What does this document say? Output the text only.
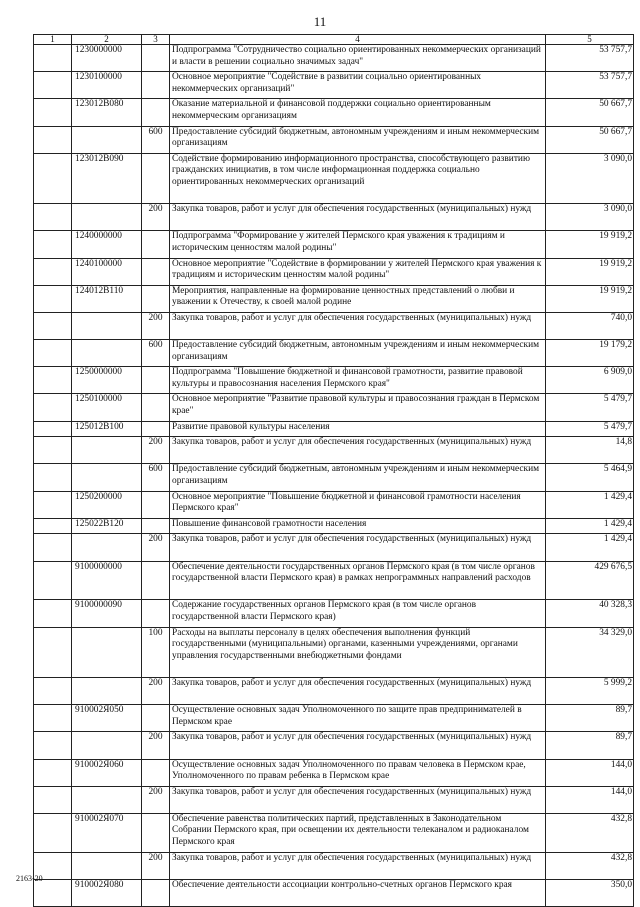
11
1	2	3	4	5
	1230000000		Подпрограмма "Сотрудничество социально ориентированных некоммерческих организаций и власти в решении социально значимых задач"	53 757,7
	1230100000		Основное мероприятие "Содействие в развитии социально ориентированных некоммерческих организаций"	53 757,7
	123012В080		Оказание материальной и финансовой поддержки социально ориентированным некоммерческим организациям	50 667,7
		600	Предоставление субсидий бюджетным, автономным учреждениям и иным некоммерческим организациям	50 667,7
	123012В090		Содействие формированию информационного пространства, способствующего развитию гражданских инициатив, в том числе информационная поддержка социально ориентированных некоммерческих организаций	3 090,0
		200	Закупка товаров, работ и услуг для обеспечения государственных (муниципальных) нужд	3 090,0
	1240000000		Подпрограмма "Формирование у жителей Пермского края уважения к традициям и историческим ценностям малой родины"	19 919,2
	1240100000		Основное мероприятие "Содействие в формировании у жителей Пермского края уважения к традициям и историческим ценностям малой родины"	19 919,2
	124012В110		Мероприятия, направленные на формирование ценностных представлений о любви и уважении к Отечеству, к своей малой родине	19 919,2
		200	Закупка товаров, работ и услуг для обеспечения государственных (муниципальных) нужд	740,0
		600	Предоставление субсидий бюджетным, автономным учреждениям и иным некоммерческим организациям	19 179,2
	1250000000		Подпрограмма "Повышение бюджетной и финансовой грамотности, развитие правовой культуры и правосознания населения Пермского края"	6 909,0
	1250100000		Основное мероприятие "Развитие правовой культуры и правосознания граждан в Пермском крае"	5 479,7
	125012В100		Развитие правовой культуры населения	5 479,7
		200	Закупка товаров, работ и услуг для обеспечения государственных (муниципальных) нужд	14,8
		600	Предоставление субсидий бюджетным, автономным учреждениям и иным некоммерческим организациям	5 464,9
	1250200000		Основное мероприятие "Повышение бюджетной и финансовой грамотности населения Пермского края"	1 429,4
	125022В120		Повышение финансовой грамотности населения	1 429,4
		200	Закупка товаров, работ и услуг для обеспечения государственных (муниципальных) нужд	1 429,4
	9100000000		Обеспечение деятельности государственных органов Пермского края (в том числе органов государственной власти Пермского края) в рамках непрограммных направлений расходов	429 676,5
	9100000090		Содержание государственных органов Пермского края (в том числе органов государственной власти Пермского края)	40 328,3
		100	Расходы на выплаты персоналу в целях обеспечения выполнения функций государственными (муниципальными) органами, казенными учреждениями, органами управления государственными внебюджетными фондами	34 329,0
		200	Закупка товаров, работ и услуг для обеспечения государственных (муниципальных) нужд	5 999,2
	910002Я050		Осуществление основных задач Уполномоченного по защите прав предпринимателей в Пермском крае	89,7
		200	Закупка товаров, работ и услуг для обеспечения государственных (муниципальных) нужд	89,7
	910002Я060		Осуществление основных задач Уполномоченного по правам человека в Пермском крае, Уполномоченного по правам ребенка в Пермском крае	144,0
		200	Закупка товаров, работ и услуг для обеспечения государственных (муниципальных) нужд	144,0
	910002Я070		Обеспечение равенства политических партий, представленных в Законодательном Собрании Пермского края, при освещении их деятельности телеканалом и радиоканалом Пермского края	432,8
		200	Закупка товаров, работ и услуг для обеспечения государственных (муниципальных) нужд	432,8
	910002Я080		Обеспечение деятельности ассоциации контрольно-счетных органов Пермского края	350,0
2163-20
